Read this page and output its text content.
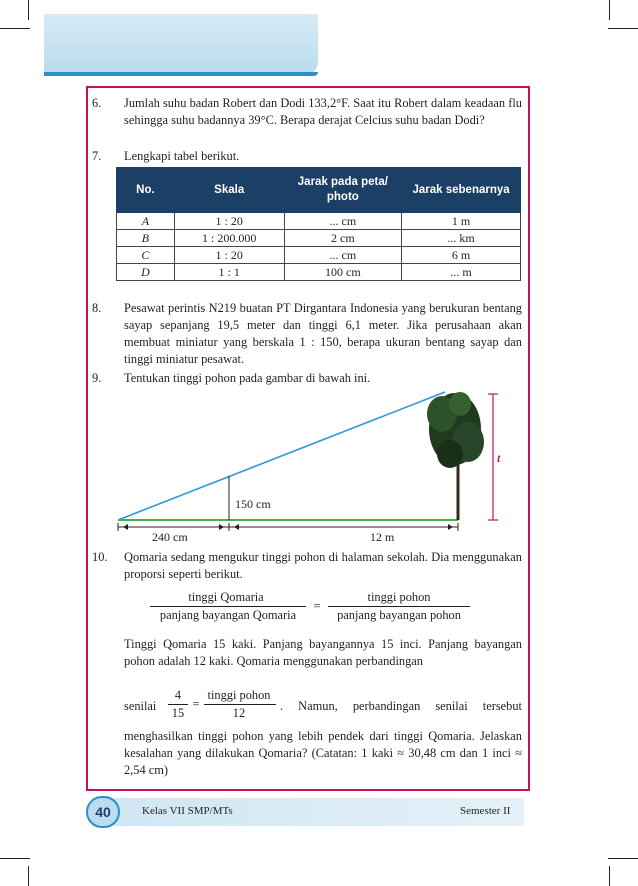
6. Jumlah suhu badan Robert dan Dodi 133,2°F. Saat itu Robert dalam keadaan flu sehingga suhu badannya 39°C. Berapa derajat Celcius suhu badan Dodi?
7. Lengkapi tabel berikut.
No.	Skala	Jarak pada peta/ photo	Jarak sebenarnya
A	1 : 20	... cm	1 m
B	1 : 200.000	2 cm	... km
C	1 : 20	... cm	6 m
D	1 : 1	100 cm	... m
8. Pesawat perintis N219 buatan PT Dirgantara Indonesia yang berukuran bentang sayap sepanjang 19,5 meter dan tinggi 6,1 meter. Jika perusahaan akan membuat miniatur yang berskala 1 : 150, berapa ukuran bentang sayap dan tinggi miniatur pesawat.
9. Tentukan tinggi pohon pada gambar di bawah ini.
150 cm
240 cm	12 m
t
10. Qomaria sedang mengukur tinggi pohon di halaman sekolah. Dia menggunakan proporsi seperti berikut.
tinggi Qomaria
panjang bayangan Qomaria
=
tinggi pohon
panjang bayangan pohon
Tinggi Qomaria 15 kaki. Panjang bayangannya 15 inci. Panjang bayangan pohon adalah 12 kaki. Qomaria menggunakan perbandingan
senilai
4
15
=
tinggi pohon
12	. Namun, perbandingan senilai tersebut
menghasilkan tinggi pohon yang lebih pendek dari tinggi Qomaria. Jelaskan kesalahan yang dilakukan Qomaria? (Catatan: 1 kaki ≈ 30,48 cm dan 1 inci ≈ 2,54 cm)
40	Kelas VII SMP/MTs	Semester II
